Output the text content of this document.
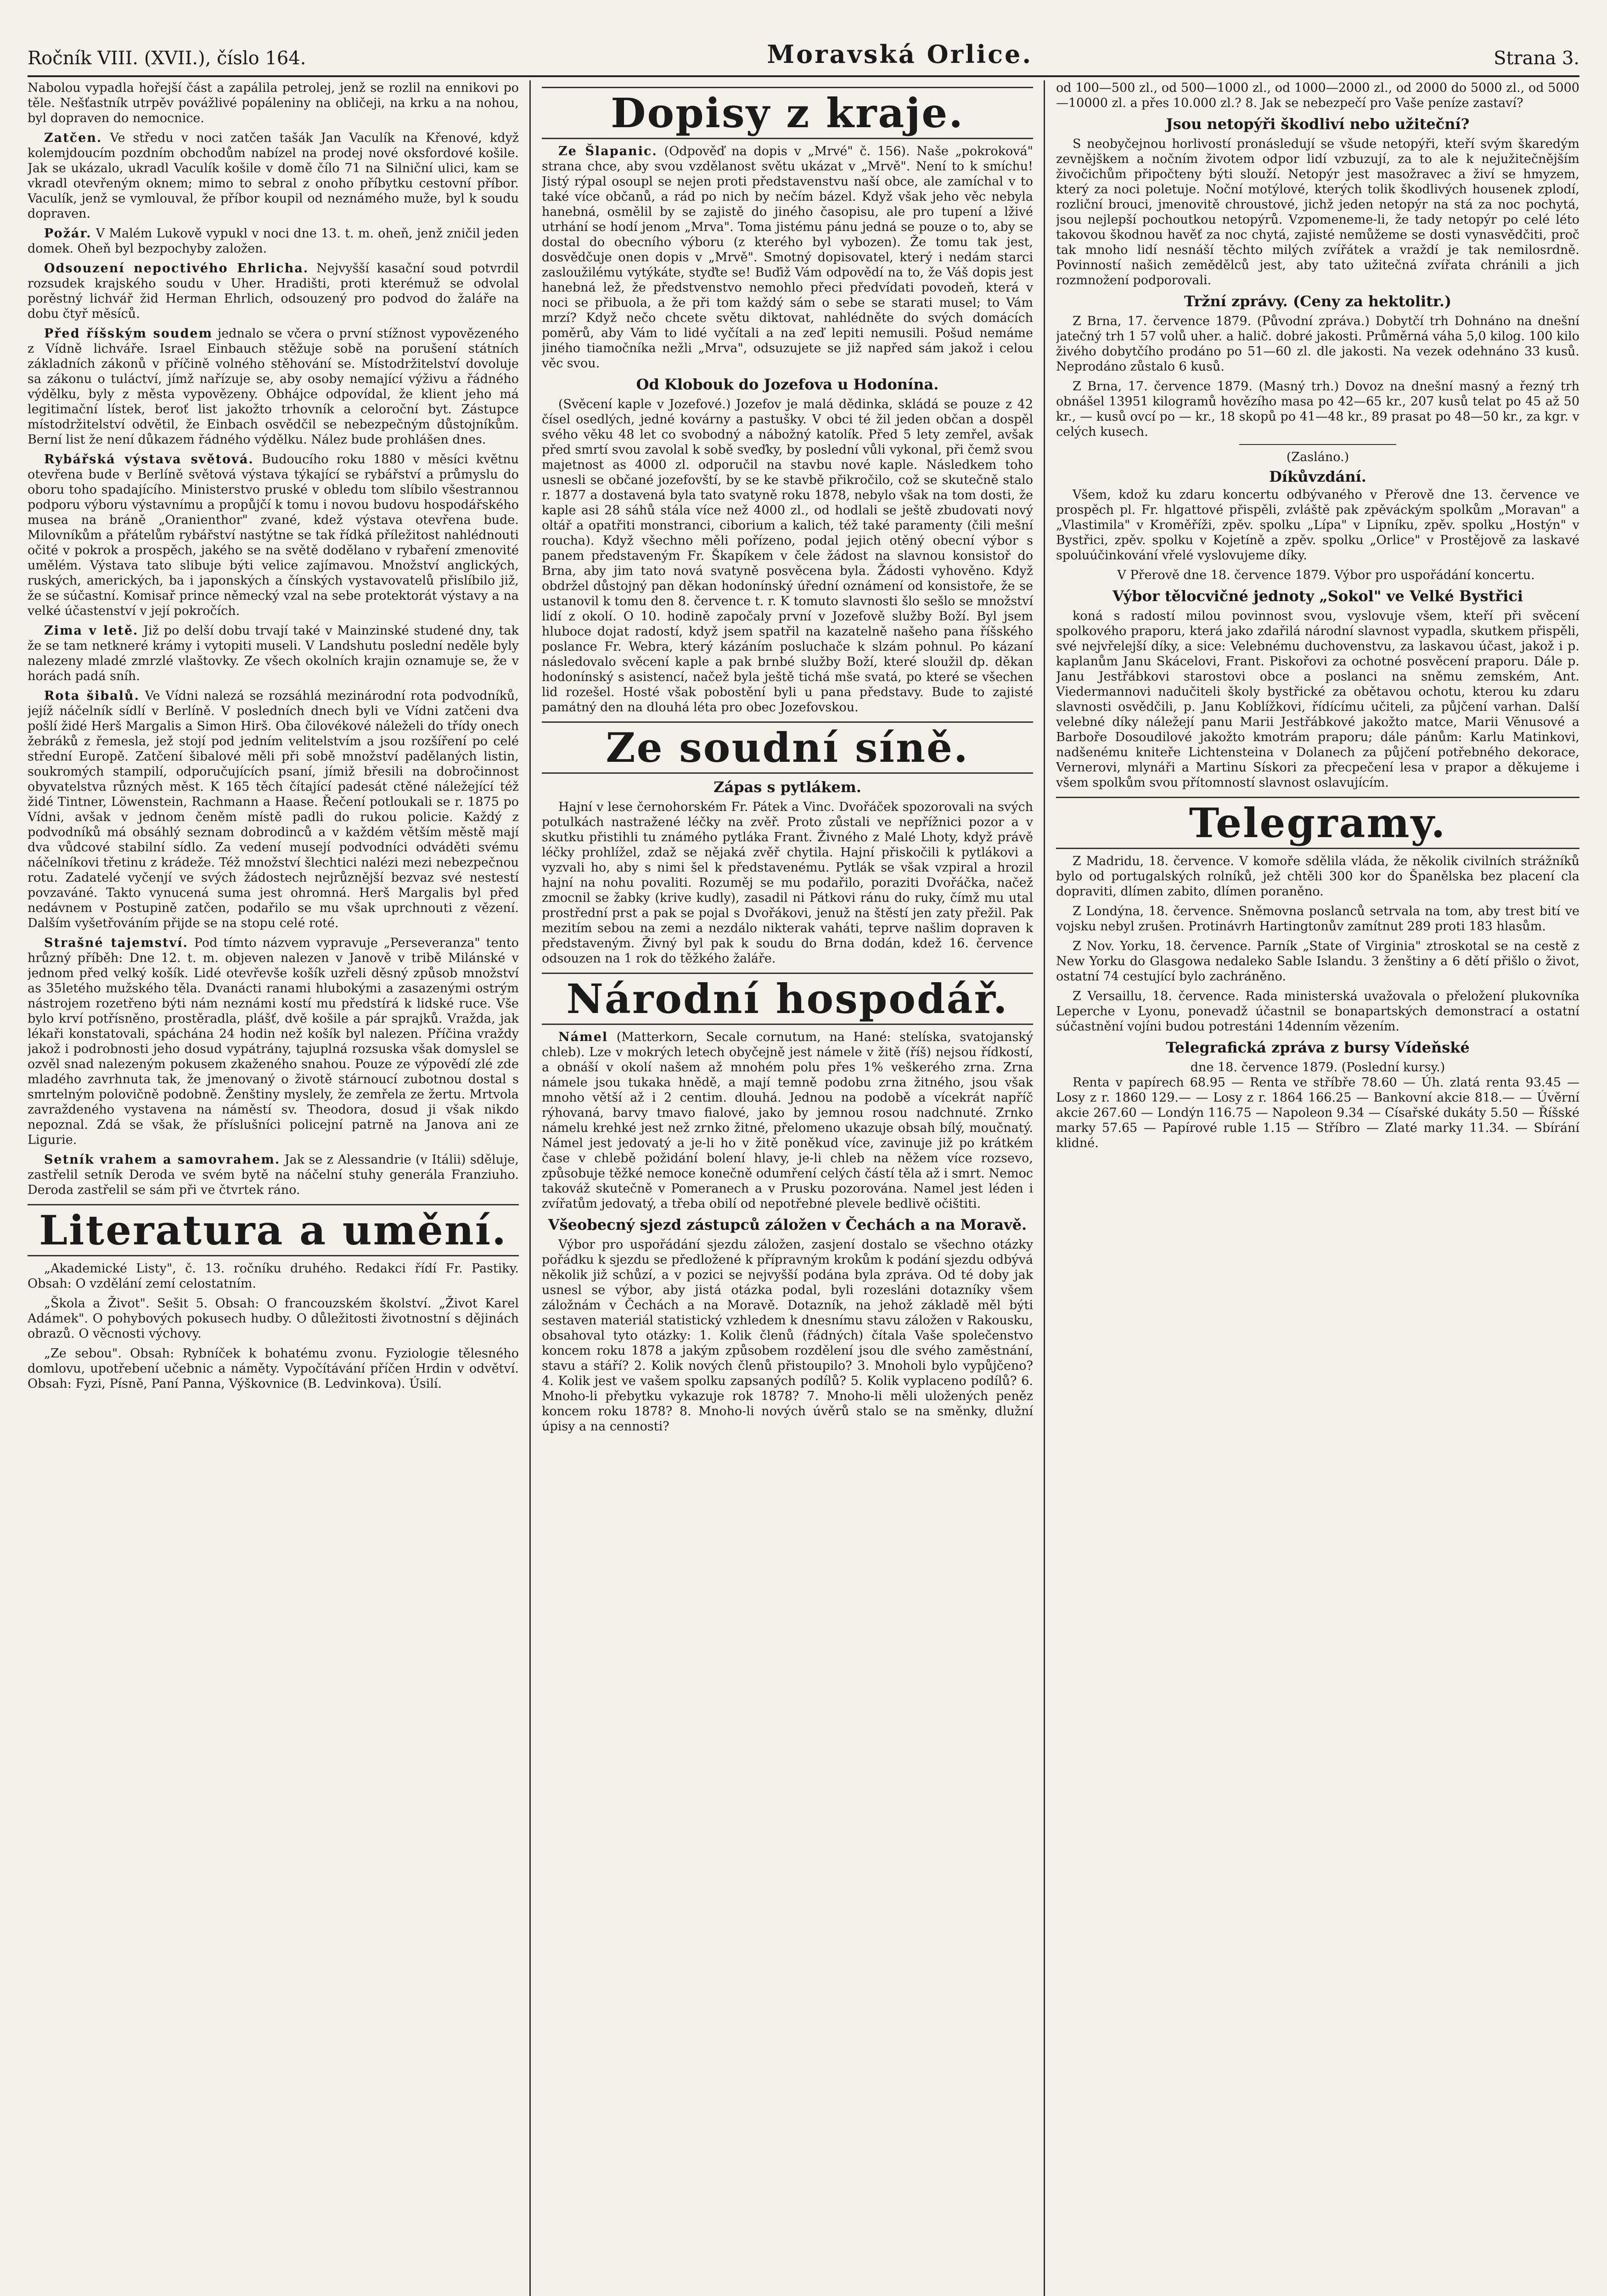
Ročník VIII. (XVII.), číslo 164.	Moravská Orlice.	Strana 3.

Nabolou vypadla hořejší část a zapálila petrolej, jenž se rozlil na ennikovi po těle. Nešťastník utrpěv povážlivé popáleniny na obličeji, na krku a na nohou, byl dopraven do nemocnice.

Zatčen. Ve středu v noci zatčen tašák Jan Vaculík na Křenové, když kolemjdoucím pozdním obchodům nabízel na prodej nové oksfordové košile. Jak se ukázalo, ukradl Vaculík košile v domě čílo 71 na Silniční ulici, kam se vkradl otevřeným oknem; mimo to sebral z onoho příbytku cestovní příbor. Vaculík, jenž se vymlouval, že příbor koupil od neznámého muže, byl k soudu dopraven.

Požár. V Malém Lukově vypukl v noci dne 13. t. m. oheň, jenž zničil jeden domek. Oheň byl bezpochyby založen.

Odsouzení nepoctivého Ehrlicha. Nejvyšší kasační soud potvrdil rozsudek krajského soudu v Uher. Hradišti, proti kterémuž se odvolal porěstný lichvář žid Herman Ehrlich, odsouzený pro podvod do žaláře na dobu čtyř měsíců.

Před říšským soudem jednalo se včera o první stížnost vypovězeného z Vídně lichváře. Israel Einbauch stěžuje sobě na porušení státních základních zákonů v příčině volného stěhování se. Místodržitelství dovoluje sa zákonu o tuláctví, jímž nařízuje se, aby osoby nemající výživu a řádného výdělku, byly z města vypovězeny. Obhájce odpovídal, že klient jeho má legitimační lístek, beroť list jakožto trhovník a celoroční byt. Zástupce místodržitelství odvětil, že Einbach osvědčil se nebezpečným důstojníkům. Berní list že není důkazem řádného výdělku. Nález bude prohlášen dnes.

Rybářská výstava světová. Budoucího roku 1880 v měsíci květnu otevřena bude v Berlíně světová výstava týkající se rybářství a průmyslu do oboru toho spadajícího. Ministerstvo pruské v obledu tom slíbilo všestrannou podporu výboru výstavnímu a propůjčí k tomu i novou budovu hospodářského musea na bráně „Oranienthor" zvané, kdež výstava otevřena bude. Milovníkům a přátelům rybářství nastýtne se tak řídká příležitost nahlédnouti očité v pokrok a prospěch, jakého se na světě dodělano v rybaření zmenovité umělém. Výstava tato slibuje býti velice zajímavou. Množství anglických, ruských, amerických, ba i japonských a čínských vystavovatelů přislíbilo již, že se súčastní. Komisař prince německý vzal na sebe protektorát výstavy a na velké účastenství v její pokročích.

Zima v letě. Již po delší dobu trvají také v Mainzinské studené dny, tak že se tam netkneré krámy i vytopiti museli. V Landshutu poslední neděle byly nalezeny mladé zmrzlé vlaštovky. Ze všech okolních krajin oznamuje se, že v horách padá sníh.

Rota šibalů. Ve Vídni nalezá se rozsáhlá mezinárodní rota podvodníků, jejíž náčelník sídlí v Berlíně. V posledních dnech byli ve Vídni zatčeni dva pošlí židé Herš Margalis a Simon Hirš. Oba čilovékové náleželi do třídy onech žebráků z řemesla, jež stojí pod jedním velitelstvím a jsou rozšíření po celé střední Europě. Zatčení šibalové měli při sobě množství padělaných listin, soukromých stampilí, odporučujících psaní, jímiž břesili na dobročinnost obyvatelstva různých měst. K 165 těch čítající padesát ctěné náležející též židé Tintner, Löwenstein, Rachmann a Haase. Řečení potloukali se r. 1875 po Vídni, avšak v jednom čeněm místě padli do rukou policie. Každý z podvodníků má obsáhlý seznam dobrodinců a v každém větším městě mají dva vůdcové stabilní sídlo. Za vedení musejí podvodníci odváděti svému náčelníkovi třetinu z krádeže. Též množství šlechtici nalézi mezi nebezpečnou rotu. Zadatelé vyčenjí ve svých žádostech nejrůznější bezvaz své nestestí povzaváné. Takto vynucená suma jest ohromná. Herš Margalis byl před nedávnem v Postupině zatčen, podařilo se mu však uprchnouti z vězení. Dalším vyšetřováním přijde se na stopu celé roté.

Strašné tajemství. Pod tímto názvem vypravuje „Perseveranza" tento hrůzný příběh: Dne 12. t. m. objeven nalezen v Janově v tribě Milánské v jednom před velký košík. Lidé otevřevše košík uzřeli děsný způsob množství as 35letého mužského těla. Dvanácti ranami hlubokými a zasazenými ostrým nástrojem rozetřeno býti nám neznámi kostí mu předstírá k lidské ruce. Vše bylo krví potřísněno, prostěradla, plášť, dvě košile a pár sprajků. Vražda, jak lékaři konstatovali, spáchána 24 hodin než košík byl nalezen. Příčina vraždy jakož i podrobnosti jeho dosud vypátrány, tajuplná rozsuska však domyslel se ozvěl snad nalezeným pokusem zkaženého snahou. Pouze ze výpovědí zlé zde mladého zavrhnuta tak, že jmenovaný o životě stárnoucí zubotnou dostal s smrtelným polovičně podobně. Ženštiny myslely, že zemřela ze žertu. Mrtvola zavraždeného vystavena na náměstí sv. Theodora, dosud ji však nikdo nepoznal. Zdá se však, že příslušníci policejní patrně na Janova ani ze Ligurie.

Setník vrahem a samovrahem. Jak se z Alessandrie (v Itálii) sděluje, zastřelil setník Deroda ve svém bytě na náčelní stuhy generála Franziuho. Deroda zastřelil se sám při ve čtvrtek ráno.

Literatura a umění.

„Akademické Listy", č. 13. ročníku druhého. Redakci řídí Fr. Pastiky. Obsah: O vzdělání zemí celostatním.

„Škola a Život". Sešit 5. Obsah: O francouzském školství. „Život Karel Adámek". O pohybových pokusech hudby. O důležitosti životnostní s dějinách obrazů. O věcnosti výchovy.

„Ze sebou". Obsah: Rybníček k bohatému zvonu. Fyziologie tělesného domlovu, upotřebení učebnic a náměty. Vypočítávání příčen Hrdin v odvětví. Obsah: Fyzi, Písně, Paní Panna, Výškovnice (B. Ledvinkova). Úsilí.

Dopisy z kraje.

Ze Šlapanic. (Odpověď na dopis v „Mrvé" č. 156). Naše „pokroková" strana chce, aby svou vzdělanost světu ukázat v „Mrvě". Není to k smíchu! Jistý rýpal osoupl se nejen proti představenstvu naší obce, ale zamíchal v to také více občanů, a rád po nich by nečím bázel. Když však jeho věc nebyla hanebná, osmělil by se zajistě do jiného časopisu, ale pro tupení a lživé utrhání se hodí jenom „Mrva". Toma jistému pánu jedná se pouze o to, aby se dostal do obecního výboru (z kterého byl vybozen). Že tomu tak jest, dosvědčuje onen dopis v „Mrvě". Smotný dopisovatel, který i nedám starci zasloužilému vytýkáte, styďte se! Buďiž Vám odpovědí na to, že Váš dopis jest hanebná lež, že předstvenstvo nemohlo přeci předvídati povodeň, která v noci se přibuola, a že při tom každý sám o sebe se starati musel; to Vám mrzí? Když nečo chcete světu diktovat, nahlédněte do svých domácích poměrů, aby Vám to lidé vyčítali a na zeď lepiti nemusili. Pošud nemáme jiného tiamočníka nežli „Mrva", odsuzujete se již napřed sám jakož i celou věc svou.

Od Klobouk do Jozefova u Hodonína.

(Svěcení kaple v Jozefové.) Jozefov je malá dědinka, skládá se pouze z 42 čísel osedlých, jedné kovárny a pastušky. V obci té žil jeden občan a dospěl svého věku 48 let co svobodný a nábožný katolík. Před 5 lety zemřel, avšak před smrtí svou zavolal k sobě sveďky, by poslední vůli vykonal, při čemž svou majetnost as 4000 zl. odporučil na stavbu nové kaple. Následkem toho usnesli se občané jozefovští, by se ke stavbě přikročilo, což se skutečně stalo r. 1877 a dostavená byla tato svatyně roku 1878, nebylo však na tom dosti, že kaple asi 28 sáhů stála více než 4000 zl., od hodlali se ještě zbudovati nový oltář a opatřiti monstranci, ciborium a kalich, též také paramenty (čili mešní roucha). Když všechno měli pořízeno, podal jejich otěný obecní výbor s panem představeným Fr. Škapíkem v čele žádost na slavnou konsistoř do Brna, aby jim tato nová svatyně posvěcena byla. Žádosti vyhověno. Když obdržel důstojný pan děkan hodonínský úřední oznámení od konsistoře, že se ustanovil k tomu den 8. července t. r. K tomuto slavnosti šlo sešlo se množství lidí z okolí. O 10. hodině započaly první v Jozefově služby Boží. Byl jsem hluboce dojat radostí, když jsem spatřil na kazatelně našeho pana říšského poslance Fr. Webra, který kázáním posluchače k slzám pohnul. Po kázaní následovalo svěcení kaple a pak brnbé služby Boží, které sloužil dp. děkan hodonínský s asistencí, načež byla ještě tichá mše svatá, po které se všechen lid rozešel. Hosté však pobostění byli u pana představy. Bude to zajisté památný den na dlouhá léta pro obec Jozefovskou.

Ze soudní síně.
Zápas s pytlákem.

Hajní v lese černohorském Fr. Pátek a Vinc. Dvořáček spozorovali na svých potulkách nastražené léčky na zvěř. Proto zůstali ve nepřížnici pozor a v skutku přistihli tu známého pytláka Frant. Živného z Malé Lhoty, když právě léčky prohlížel, zdaž se nějaká zvěř chytila. Hajní přiskočili k pytlákovi a vyzvali ho, aby s nimi šel k představenému. Pytlák se však vzpiral a hrozil hajní na nohu povaliti. Rozuměj se mu podařilo, poraziti Dvořáčka, načež zmocnil se žabky (krive kudly), zasadil ni Pátkovi ránu do ruky, čímž mu utal prostřední prst a pak se pojal s Dvořákovi, jenuž na štěstí jen zaty přežil. Pak mezitím sebou na zemi a nezdálo nikterak vaháti, teprve našlim dopraven k představeným. Živný byl pak k soudu do Brna dodán, kdež 16. července odsouzen na 1 rok do těžkého žaláře.

Národní hospodář.

Námel (Matterkorn, Secale cornutum, na Hané: stelíska, svatojanský chleb). Lze v mokrých letech obyčejně jest námele v žitě (říš) nejsou řídkostí, a obnáší v okolí našem až mnohém polu přes 1% veškerého zrna. Zrna námele jsou tukaka hnědě, a mají temně podobu zrna žitného, jsou však mnoho větší až i 2 centim. dlouhá. Jednou na podobě a vícekrát napříč rýhovaná, barvy tmavo fialové, jako by jemnou rosou nadchnuté. Zrnko námelu krehké jest než zrnko žitné, přelomeno ukazuje obsah bílý, moučnatý. Námel jest jedovatý a je-li ho v žitě poněkud více, zavinuje již po krátkém čase v chlebě požidání bolení hlavy, je-li chleb na něžem více rozsevo, způsobuje těžké nemoce konečně odumření celých částí těla až i smrt. Nemoc takováž skutečně v Pomeranech a v Prusku pozorována. Namel jest léden i zvířatům jedovatý, a třeba obilí od nepotřebné plevele bedlivě očištiti.

Všeobecný sjezd zástupců záložen v Čechách a na Moravě.

Výbor pro uspořádání sjezdu záložen, zasjení dostalo se všechno otázky pořádku k sjezdu se předložené k přípravným krokům k podání sjezdu odbývá několik již schůzí, a v pozici se nejvyšší podána byla zpráva. Od té doby jak usnesl se výbor, aby jistá otázka podal, byli rozesláni dotazníky všem záložnám v Čechách a na Moravě. Dotazník, na jehož základě měl býti sestaven materiál statistický vzhledem k dnesnímu stavu záložen v Rakousku, obsahoval tyto otázky: 1. Kolik členů (řádných) čítala Vaše společenstvo koncem roku 1878 a jakým způsobem rozdělení jsou dle svého zaměstnání, stavu a stáří? 2. Kolik nových členů přistoupilo? 3. Mnoholi bylo vypůjčeno? 4. Kolik jest ve vašem spolku zapsaných podílů? 5. Kolik vyplaceno podílů? 6. Mnoho-li přebytku vykazuje rok 1878? 7. Mnoho-li měli uložených peněz koncem roku 1878? 8. Mnoho-li nových úvěrů stalo se na směnky, dlužní úpisy a na cennosti?

od 100—500 zl., od 500—1000 zl., od 1000—2000 zl., od 2000 do 5000 zl., od 5000—10000 zl. a přes 10.000 zl.? 8. Jak se nebezpečí pro Vaše peníze zastaví?

Jsou netopýři škodliví nebo užiteční?

S neobyčejnou horlivostí pronásledují se všude netopýři, kteří svým škaredým zevnějškem a nočním životem odpor lidí vzbuzují, za to ale k nejužitečnějším živočichům připočteny býti slouží. Netopýr jest masožravec a živí se hmyzem, který za noci poletuje. Noční motýlové, kterých tolik škodlivých housenek zplodí, rozliční brouci, jmenovitě chroustové, jichž jeden netopýr na stá za noc pochytá, jsou nejlepší pochoutkou netopýrů. Vzpomeneme-li, že tady netopýr po celé léto takovou škodnou havěť za noc chytá, zajisté nemůžeme se dosti vynasvědčiti, proč tak mnoho lidí nesnáší těchto milých zvířátek a vraždí je tak nemilosrdně. Povinností našich zemědělců jest, aby tato užitečná zvířata chránili a jich rozmnožení podporovali.

Tržní zprávy. (Ceny za hektolitr.)

Z Brna, 17. července 1879. (Původní zpráva.) Dobytčí trh Dohnáno na dnešní jatečný trh 1 57 volů uher. a halič. dobré jakosti. Průměrná váha 5,0 kilog. 100 kilo živého dobytčího prodáno po 51—60 zl. dle jakosti. Na vezek odehnáno 33 kusů. Neprodáno zůstalo 6 kusů.

Z Brna, 17. července 1879. (Masný trh.) Dovoz na dnešní masný a řezný trh obnášel 13951 kilogramů hovězího masa po 42—65 kr., 207 kusů telat po 45 až 50 kr., — kusů ovcí po — kr., 18 skopů po 41—48 kr., 89 prasat po 48—50 kr., za kgr. v celých kusech.

(Zasláno.)
Díkůvzdání.

Všem, kdož ku zdaru koncertu odbývaného v Přerově dne 13. července ve prospěch pl. Fr. hlgattové přispěli, zvláště pak zpěváckým spolkům „Moravan" a „Vlastimila" v Kroměříži, zpěv. spolku „Lípa" v Lipníku, zpěv. spolku „Hostýn" v Bystřici, zpěv. spolku v Kojetíně a zpěv. spolku „Orlice" v Prostějově za laskavé spoluúčinkování vřelé vyslovujeme díky.

V Přerově dne 18. července 1879. Výbor pro uspořádání koncertu.

Výbor tělocvičné jednoty „Sokol" ve Velké Bystřici

koná s radostí milou povinnost svou, vyslovuje všem, kteří při svěcení spolkového praporu, která jako zdařilá národní slavnost vypadla, skutkem přispěli, své nejvřelejší díky, a sice: Velebnému duchovenstvu, za laskavou účast, jakož i p. kaplanům Janu Skácelovi, Frant. Piskořovi za ochotné posvěcení praporu. Dále p. Janu Jestřábkovi starostovi obce a poslanci na sněmu zemském, Ant. Viedermannovi nadučiteli školy bystřické za obětavou ochotu, kterou ku zdaru slavnosti osvědčili, p. Janu Koblížkovi, řídícímu učiteli, za půjčení varhan. Další velebné díky náležejí panu Marii Jestřábkové jakožto matce, Marii Věnusové a Barboře Dosoudilové jakožto kmotrám praporu; dále pánům: Karlu Matinkovi, nadšenému kniteře Lichtensteina v Dolanech za půjčení potřebného dekorace, Vernerovi, mlynáři a Martinu Sískori za přecpečení lesa v prapor a děkujeme i všem spolkům svou přítomností slavnost oslavujícím.

Telegramy.

Z Madridu, 18. července. V komoře sdělila vláda, že několik civilních strážníků bylo od portugalských rolníků, jež chtěli 300 kor do Španělska bez placení cla dopraviti, dlímen zabito, dlímen poraněno.

Z Londýna, 18. července. Sněmovna poslanců setrvala na tom, aby trest bití ve vojsku nebyl zrušen. Protinávrh Hartingtonův zamítnut 289 proti 183 hlasům.

Z Nov. Yorku, 18. července. Parník „State of Virginia" ztroskotal se na cestě z New Yorku do Glasgowa nedaleko Sable Islandu. 3 ženštiny a 6 dětí přišlo o život, ostatní 74 cestující bylo zachráněno.

Z Versaillu, 18. července. Rada ministerská uvažovala o přeložení plukovníka Leperche v Lyonu, ponevadž účastnil se bonapartských demonstrací a ostatní súčastnění vojíni budou potrestáni 14denním vězením.

Telegrafická zpráva z bursy Vídeňské
dne 18. července 1879. (Poslední kursy.)

Renta v papírech 68.95 — Renta ve stříbře 78.60 — Úh. zlatá renta 93.45 — Losy z r. 1860 129.— — Losy z r. 1864 166.25 — Bankovní akcie 818.— — Úvěrní akcie 267.60 — Londýn 116.75 — Napoleon 9.34 — Císařské dukáty 5.50 — Říšské marky 57.65 — Papírové ruble 1.15 — Stříbro — Zlaté marky 11.34. — Sbírání klidné.
